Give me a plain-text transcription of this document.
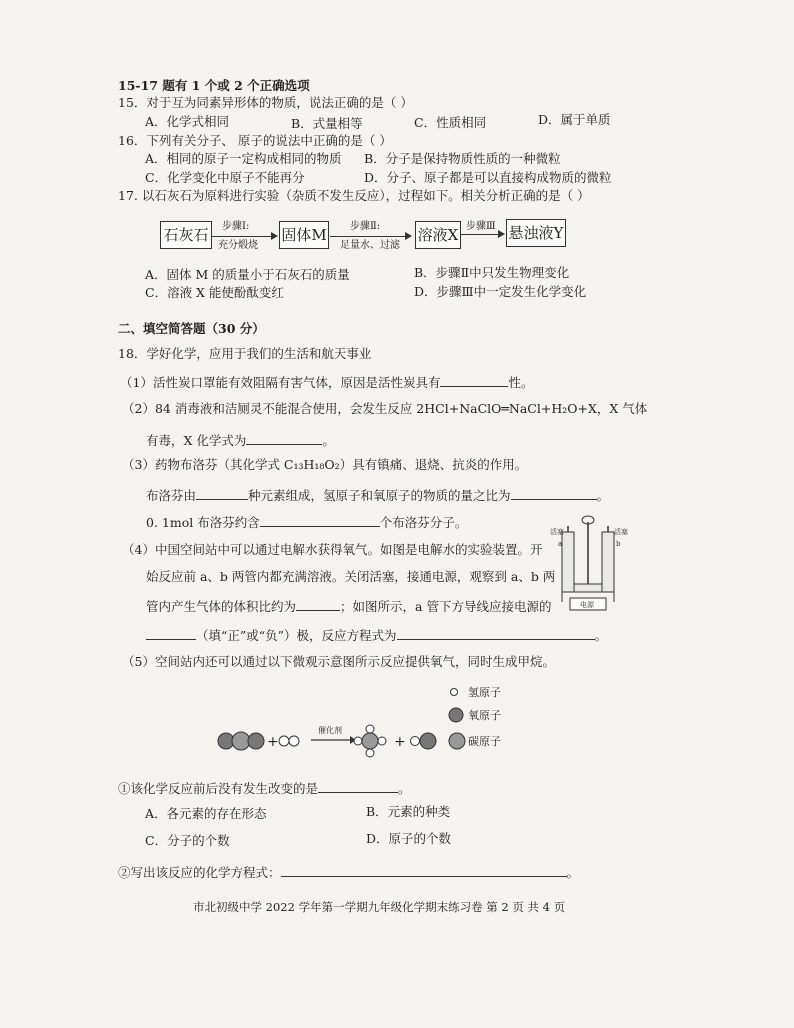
15-17 题有 1 个或 2 个正确选项
15．对于互为同素异形体的物质，说法正确的是（ ）
A．化学式相同	B．式量相等	C．性质相同	D．属于单质
16．下列有关分子、 原子的说法中正确的是（ ）
A．相同的原子一定构成相同的物质 B．分子是保持物质性质的一种微粒
C．化学变化中原子不能再分	D．分子、原子都是可以直接构成物质的微粒
17. 以石灰石为原料进行实验（杂质不发生反应），过程如下。相关分析正确的是（ ）
石灰石	步骤Ⅰ:
充分煅烧
固体M 步骤Ⅱ:
足量水、过滤
溶液X 步骤Ⅲ 悬浊液Y
A．固体 M 的质量小于石灰石的质量	B．步骤Ⅱ中只发生物理变化
C．溶液 X 能使酚酞变红	D．步骤Ⅲ中一定发生化学变化
二、填空简答题（30 分）
18．学好化学，应用于我们的生活和航天事业
（1）活性炭口罩能有效阻隔有害气体，原因是活性炭具有	性。
（2）84 消毒液和洁厕灵不能混合使用，会发生反应 2HCl+NaClO═NaCl+H₂O+X，X 气体
有毒，X 化学式为	。
（3）药物布洛芬（其化学式 C₁₃H₁₈O₂）具有镇痛、退烧、抗炎的作用。
布洛芬由	种元素组成，氢原子和氧原子的物质的量之比为	。
0. 1mol 布洛芬约含	个布洛芬分子。
（4）中国空间站中可以通过电解水获得氧气。如图是电解水的实验装置。开
始反应前 a、b 两管内都充满溶液。关闭活塞，接通电源，观察到 a、b 两
管内产生气体的体积比约为	；如图所示，a 管下方导线应接电源的
（填“正”或“负”）极，反应方程式为	。
活塞	活塞
a	b
电源
（5）空间站内还可以通过以下微观示意图所示反应提供氧气，同时生成甲烷。
氢原子
氧原子
碳原子
+
催化剂
+
①该化学反应前后没有发生改变的是	。
A．各元素的存在形态	B．元素的种类
C．分子的个数	D．原子的个数
②写出该反应的化学方程式：	。
市北初级中学 2022 学年第一学期九年级化学期末练习卷 第 2 页 共 4 页
